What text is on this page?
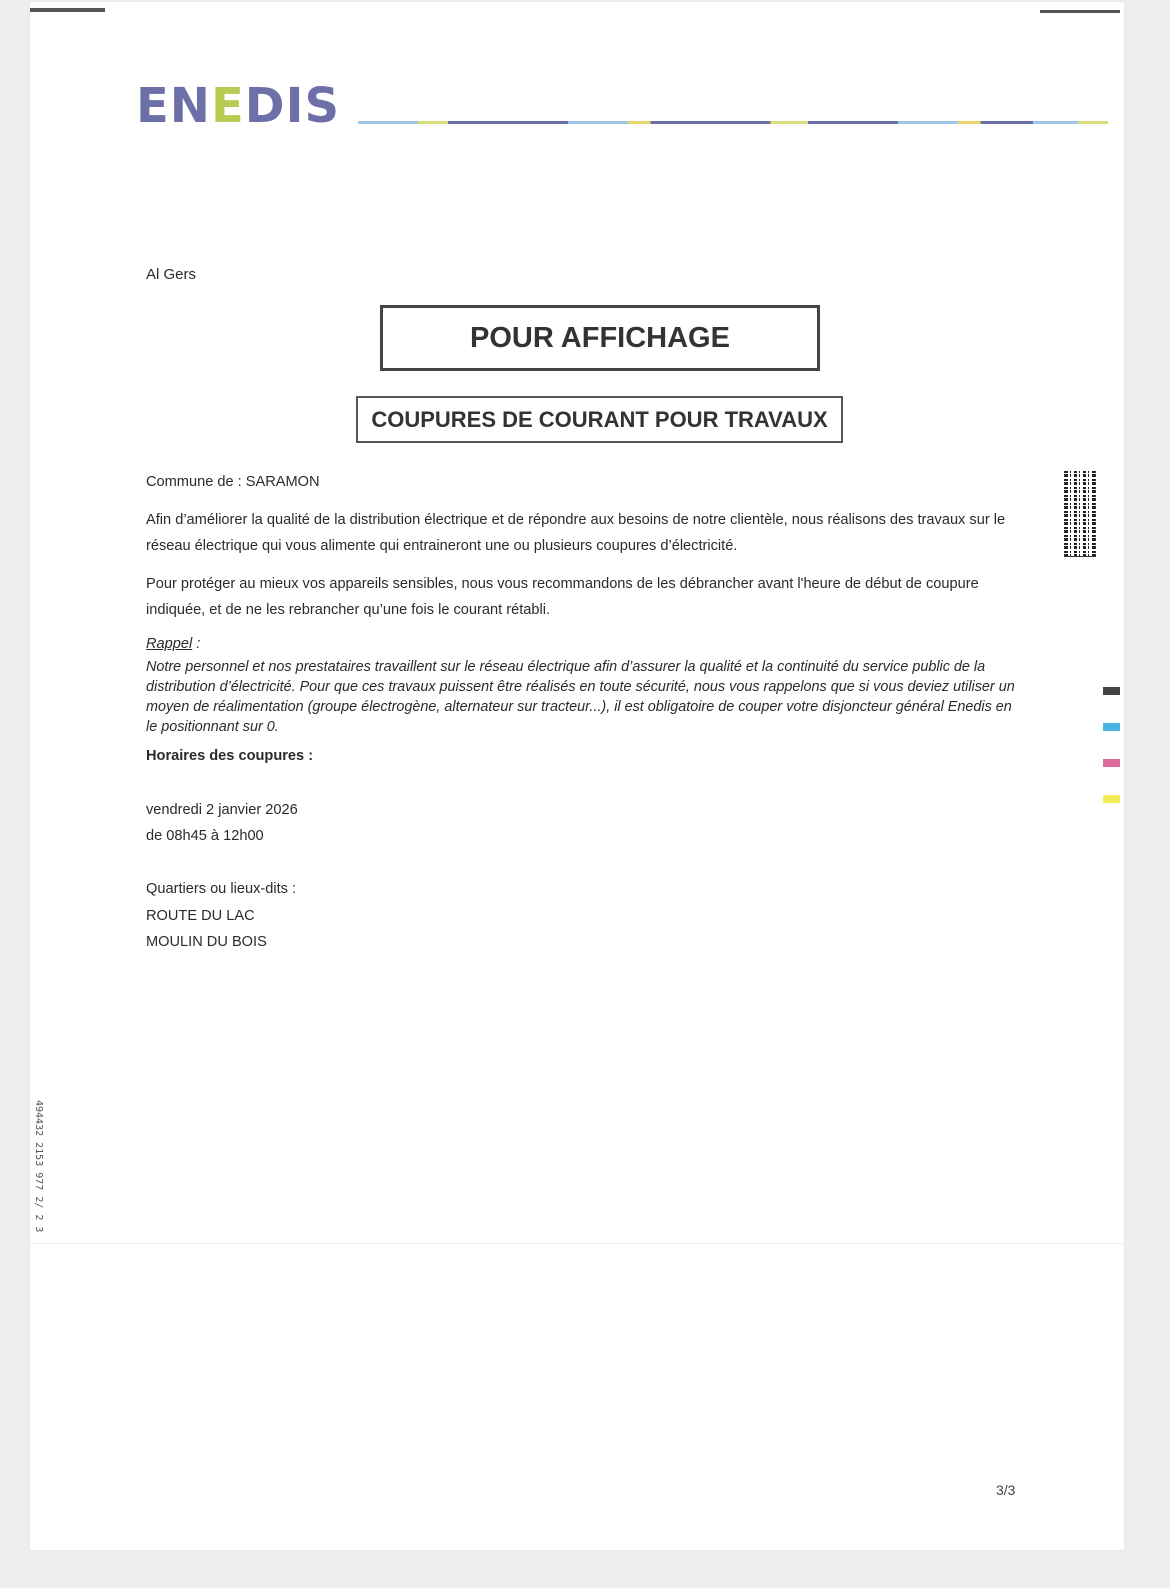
ENEDIS
Al Gers
POUR AFFICHAGE
COUPURES DE COURANT POUR TRAVAUX
Commune de : SARAMON
Afin d’améliorer la qualité de la distribution électrique et de répondre aux besoins de notre clientèle, nous réalisons des travaux sur le réseau électrique qui vous alimente qui entraineront une ou plusieurs coupures d’électricité.
Pour protéger au mieux vos appareils sensibles, nous vous recommandons de les débrancher avant l'heure de début de coupure indiquée, et de ne les rebrancher qu’une fois le courant rétabli.
Rappel :
Notre personnel et nos prestataires travaillent sur le réseau électrique afin d’assurer la qualité et la continuité du service public de la distribution d’électricité. Pour que ces travaux puissent être réalisés en toute sécurité, nous vous rappelons que si vous deviez utiliser un moyen de réalimentation (groupe électrogène, alternateur sur tracteur...), il est obligatoire de couper votre disjoncteur général Enedis en le positionnant sur 0.
Horaires des coupures :
vendredi 2 janvier 2026
de 08h45 à 12h00
Quartiers ou lieux-dits :
ROUTE DU LAC
MOULIN DU BOIS
494432 2153 977 2/ 2 3
3/3
